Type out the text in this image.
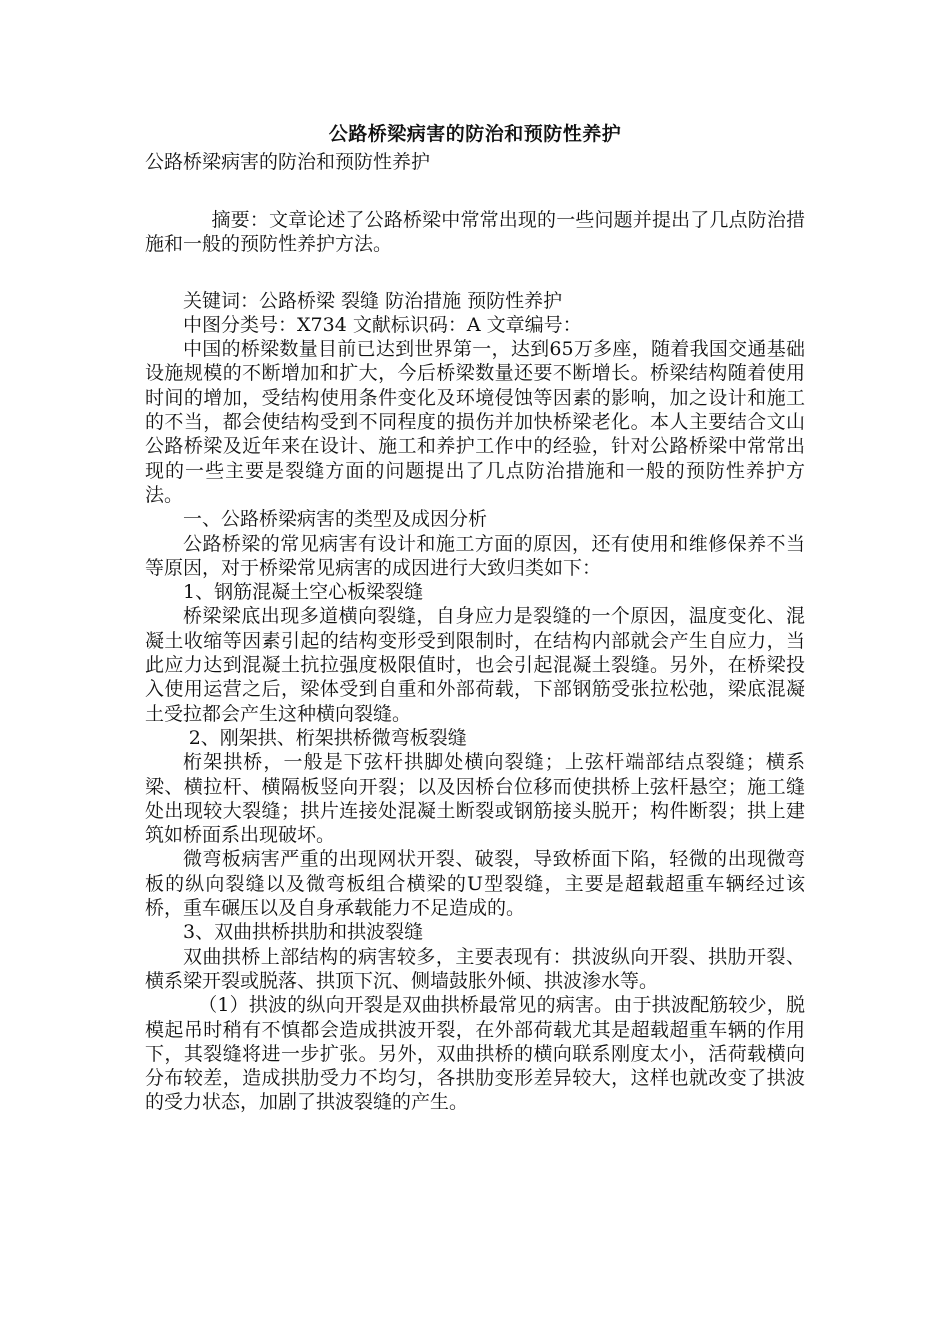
公路桥梁病害的防治和预防性养护

公路桥梁病害的防治和预防性养护

摘要：文章论述了公路桥梁中常常出现的一些问题并提出了几点防治措施和一般的预防性养护方法。

关键词：公路桥梁 裂缝 防治措施 预防性养护

中图分类号：X734 文献标识码：A 文章编号：

中国的桥梁数量目前已达到世界第一，达到65万多座，随着我国交通基础设施规模的不断增加和扩大，今后桥梁数量还要不断增长。桥梁结构随着使用时间的增加，受结构使用条件变化及环境侵蚀等因素的影响，加之设计和施工的不当，都会使结构受到不同程度的损伤并加快桥梁老化。本人主要结合文山公路桥梁及近年来在设计、施工和养护工作中的经验，针对公路桥梁中常常出现的一些主要是裂缝方面的问题提出了几点防治措施和一般的预防性养护方法。

一、公路桥梁病害的类型及成因分析

公路桥梁的常见病害有设计和施工方面的原因，还有使用和维修保养不当等原因，对于桥梁常见病害的成因进行大致归类如下：

1、钢筋混凝土空心板梁裂缝

桥梁梁底出现多道横向裂缝，自身应力是裂缝的一个原因，温度变化、混凝土收缩等因素引起的结构变形受到限制时，在结构内部就会产生自应力，当此应力达到混凝土抗拉强度极限值时，也会引起混凝土裂缝。另外，在桥梁投入使用运营之后，梁体受到自重和外部荷载，下部钢筋受张拉松弛，梁底混凝土受拉都会产生这种横向裂缝。

2、刚架拱、桁架拱桥微弯板裂缝

桁架拱桥，一般是下弦杆拱脚处横向裂缝；上弦杆端部结点裂缝；横系梁、横拉杆、横隔板竖向开裂；以及因桥台位移而使拱桥上弦杆悬空；施工缝处出现较大裂缝；拱片连接处混凝土断裂或钢筋接头脱开；构件断裂；拱上建筑如桥面系出现破坏。

微弯板病害严重的出现网状开裂、破裂，导致桥面下陷，轻微的出现微弯板的纵向裂缝以及微弯板组合横梁的U型裂缝，主要是超载超重车辆经过该桥，重车碾压以及自身承载能力不足造成的。

3、双曲拱桥拱肋和拱波裂缝

双曲拱桥上部结构的病害较多，主要表现有：拱波纵向开裂、拱肋开裂、横系梁开裂或脱落、拱顶下沉、侧墙鼓胀外倾、拱波渗水等。

（1）拱波的纵向开裂是双曲拱桥最常见的病害。由于拱波配筋较少，脱模起吊时稍有不慎都会造成拱波开裂，在外部荷载尤其是超载超重车辆的作用下，其裂缝将进一步扩张。另外，双曲拱桥的横向联系刚度太小，活荷载横向分布较差，造成拱肋受力不均匀，各拱肋变形差异较大，这样也就改变了拱波的受力状态，加剧了拱波裂缝的产生。
